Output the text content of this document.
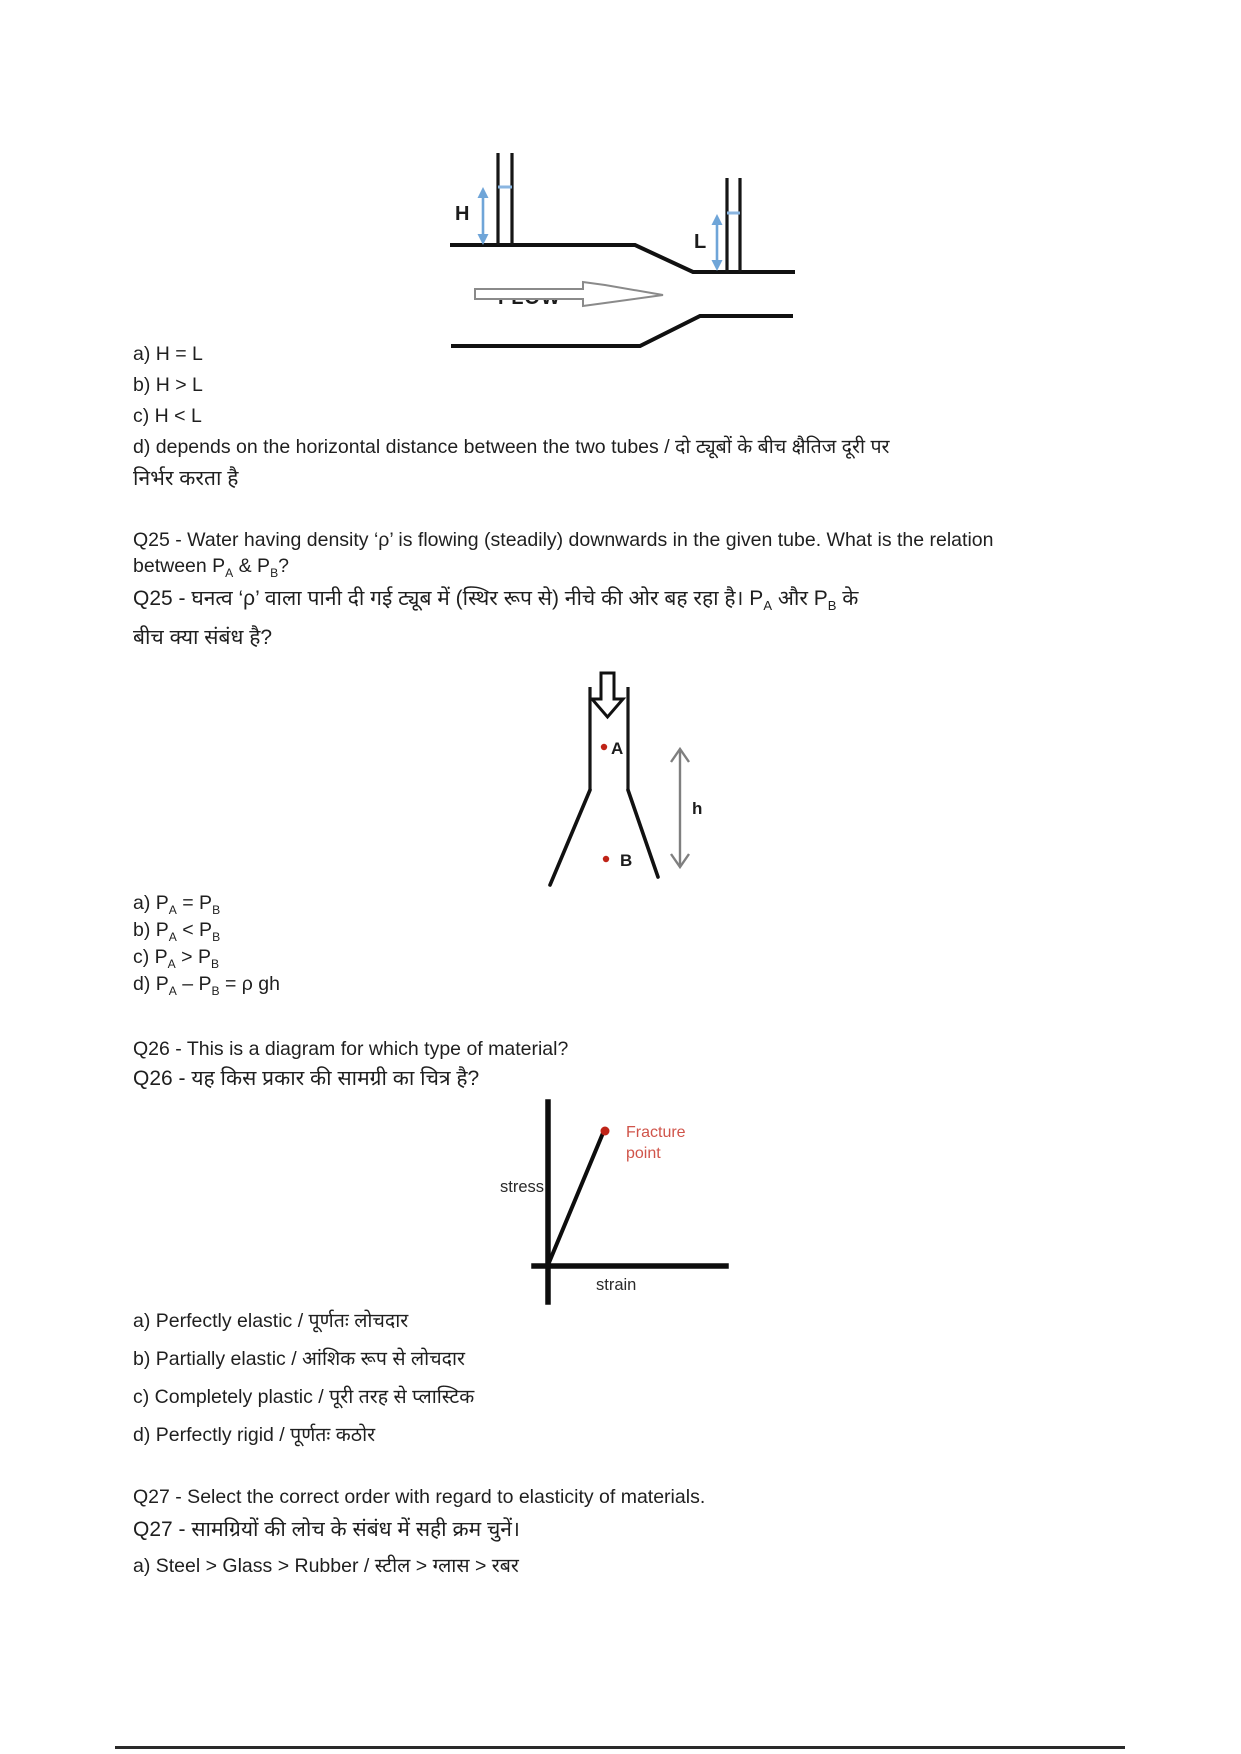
H
L
a) H = L
b) H > L
c) H < L
d) depends on the horizontal distance between the two tubes / दो ट्यूबों के बीच क्षैतिज दूरी पर
निर्भर करता है
Q25 - Water having density ‘ρ’ is flowing (steadily) downwards in the given tube. What is the relation
between $P_A$ & $P_B$?
Q25 - घनत्व ‘ρ’ वाला पानी दी गई ट्यूब में (स्थिर रूप से) नीचे की ओर बह रहा है। $P_A$ और $P_B$ के
बीच क्या संबंध है?
A
B
h
a) $P_A = P_B$
b) $P_A < P_B$
c) $P_A > P_B$
d) $P_A - P_B = \rho$ gh
Q26 - This is a diagram for which type of material?
Q26 - यह किस प्रकार की सामग्री का चित्र है?
stress
strain
Fracture
point
a) Perfectly elastic / पूर्णतः लोचदार
b) Partially elastic / आंशिक रूप से लोचदार
c) Completely plastic / पूरी तरह से प्लास्टिक
d) Perfectly rigid / पूर्णतः कठोर
Q27 - Select the correct order with regard to elasticity of materials.
Q27 - सामग्रियों की लोच के संबंध में सही क्रम चुनें।
a) Steel > Glass > Rubber / स्टील > ग्लास > रबर
